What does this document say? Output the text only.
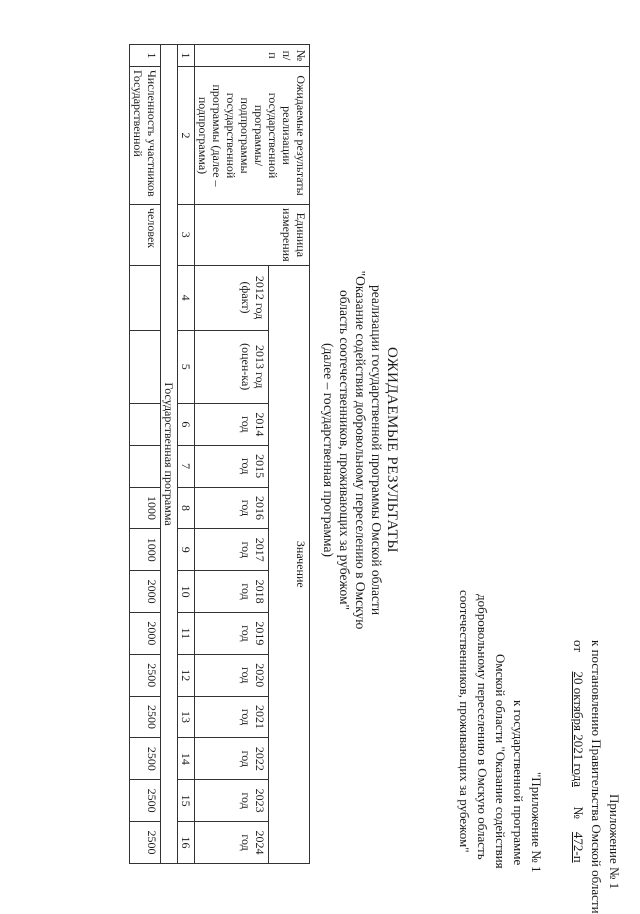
Приложение № 1
к постановлению Правительства Омской области
от      20 октября 2021 года      №    472-п
"Приложение № 1
к государственной программе
Омской области "Оказание содействия
добровольному переселению в Омскую область
соотечественников, проживающих за рубежом"
ОЖИДАЕМЫЕ РЕЗУЛЬТАТЫ
реализации государственной программы Омской области
"Оказание содействия добровольному переселению в Омскую
область соотечественников, проживающих за рубежом"
(далее – государственная программа)
№ п/п	Ожидаемые результаты реализации государственной программы/подпрограммы государственной программы (далее – подпрограмма)	Единица измерения	Значение												
			2012 год (факт)	2013 год (оцен-ка)	2014 год	2015 год	2016 год	2017 год	2018 год	2019 год	2020 год	2021 год	2022 год	2023 год	2024 год
1	2	3	4	5	6	7	8	9	10	11	12	13	14	15	16
Государственная программа															
1	Численность участников Государственной	человек					1000	1000	2000	2000	2500	2500	2500	2500	2500
